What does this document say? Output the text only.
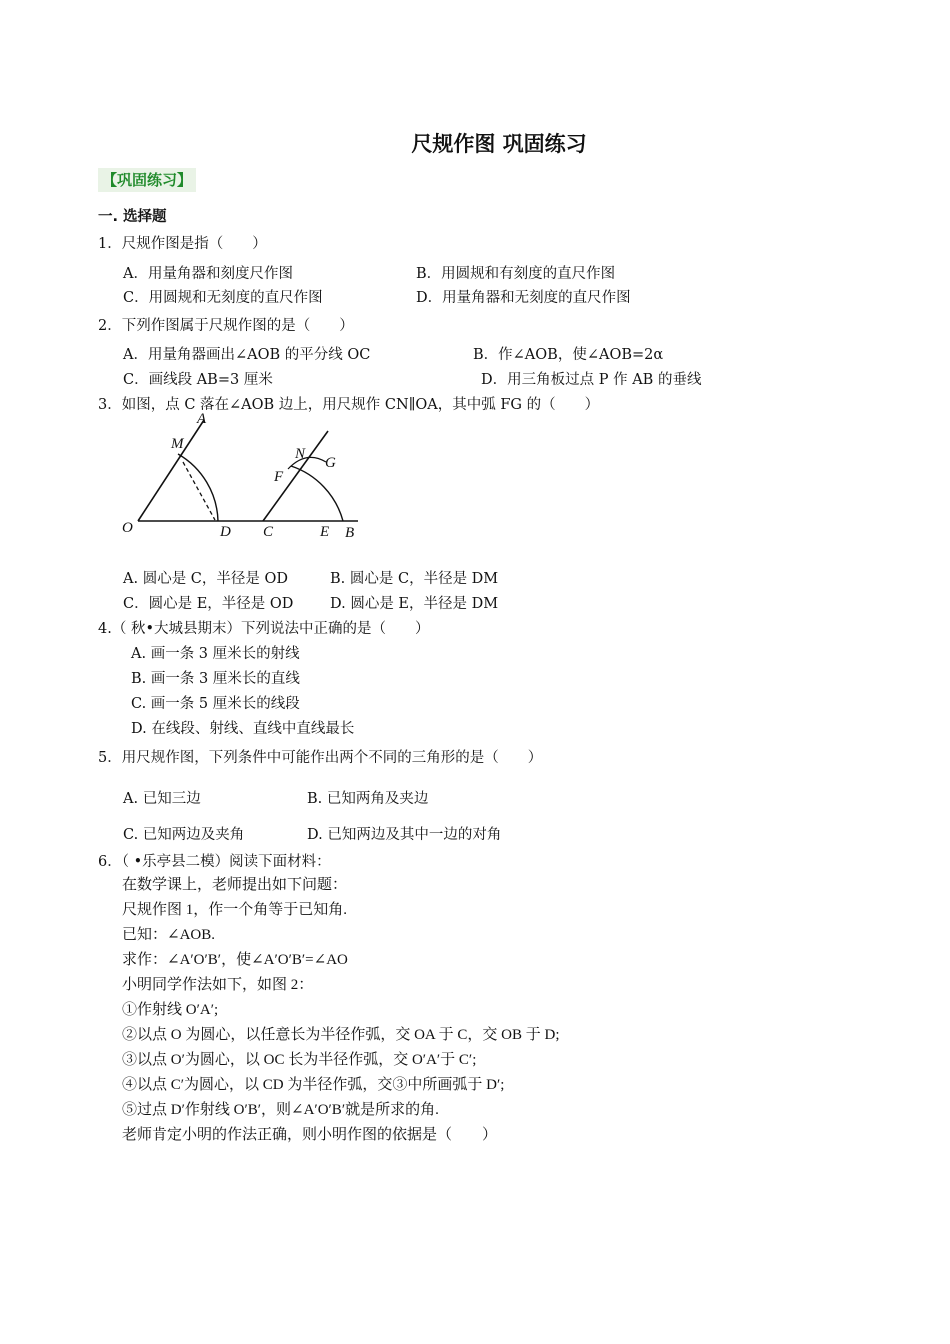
尺规作图 巩固练习
【巩固练习】
一. 选择题
1．尺规作图是指（　　）
A．用量角器和刻度尺作图	B．用圆规和有刻度的直尺作图
C．用圆规和无刻度的直尺作图	D．用量角器和无刻度的直尺作图
2．下列作图属于尺规作图的是（　　）
A．用量角器画出∠AOB 的平分线 OC	B．作∠AOB，使∠AOB=2α
C．画线段 AB=3 厘米	D．用三角板过点 P 作 AB 的垂线
3．如图，点 C 落在∠AOB 边上，用尺规作 CN∥OA，其中弧 FG 的（　　）
A
M
N
G
F
O	D C	E B
A. 圆心是 C，半径是 OD	B. 圆心是 C，半径是 DM
C．圆心是 E，半径是 OD	D. 圆心是 E，半径是 DM
4.（ 秋•大城县期末）下列说法中正确的是（　　）
A. 画一条 3 厘米长的射线
B. 画一条 3 厘米长的直线
C. 画一条 5 厘米长的线段
D. 在线段、射线、直线中直线最长
5．用尺规作图，下列条件中可能作出两个不同的三角形的是（　　）
A. 已知三边	B. 已知两角及夹边
C. 已知两边及夹角	D. 已知两边及其中一边的对角
6．（ •乐亭县二模）阅读下面材料：
在数学课上，老师提出如下问题：
尺规作图 1，作一个角等于已知角.
已知：∠AOB.
求作：∠A′O′B′，使∠A′O′B′=∠AO
小明同学作法如下，如图 2：
①作射线 O′A′;
②以点 O 为圆心，以任意长为半径作弧，交 OA 于 C，交 OB 于 D;
③以点 O′为圆心，以 OC 长为半径作弧，交 O′A′于 C′;
④以点 C′为圆心，以 CD 为半径作弧，交③中所画弧于 D′;
⑤过点 D′作射线 O′B′，则∠A′O′B′就是所求的角.
老师肯定小明的作法正确，则小明作图的依据是（　　）
